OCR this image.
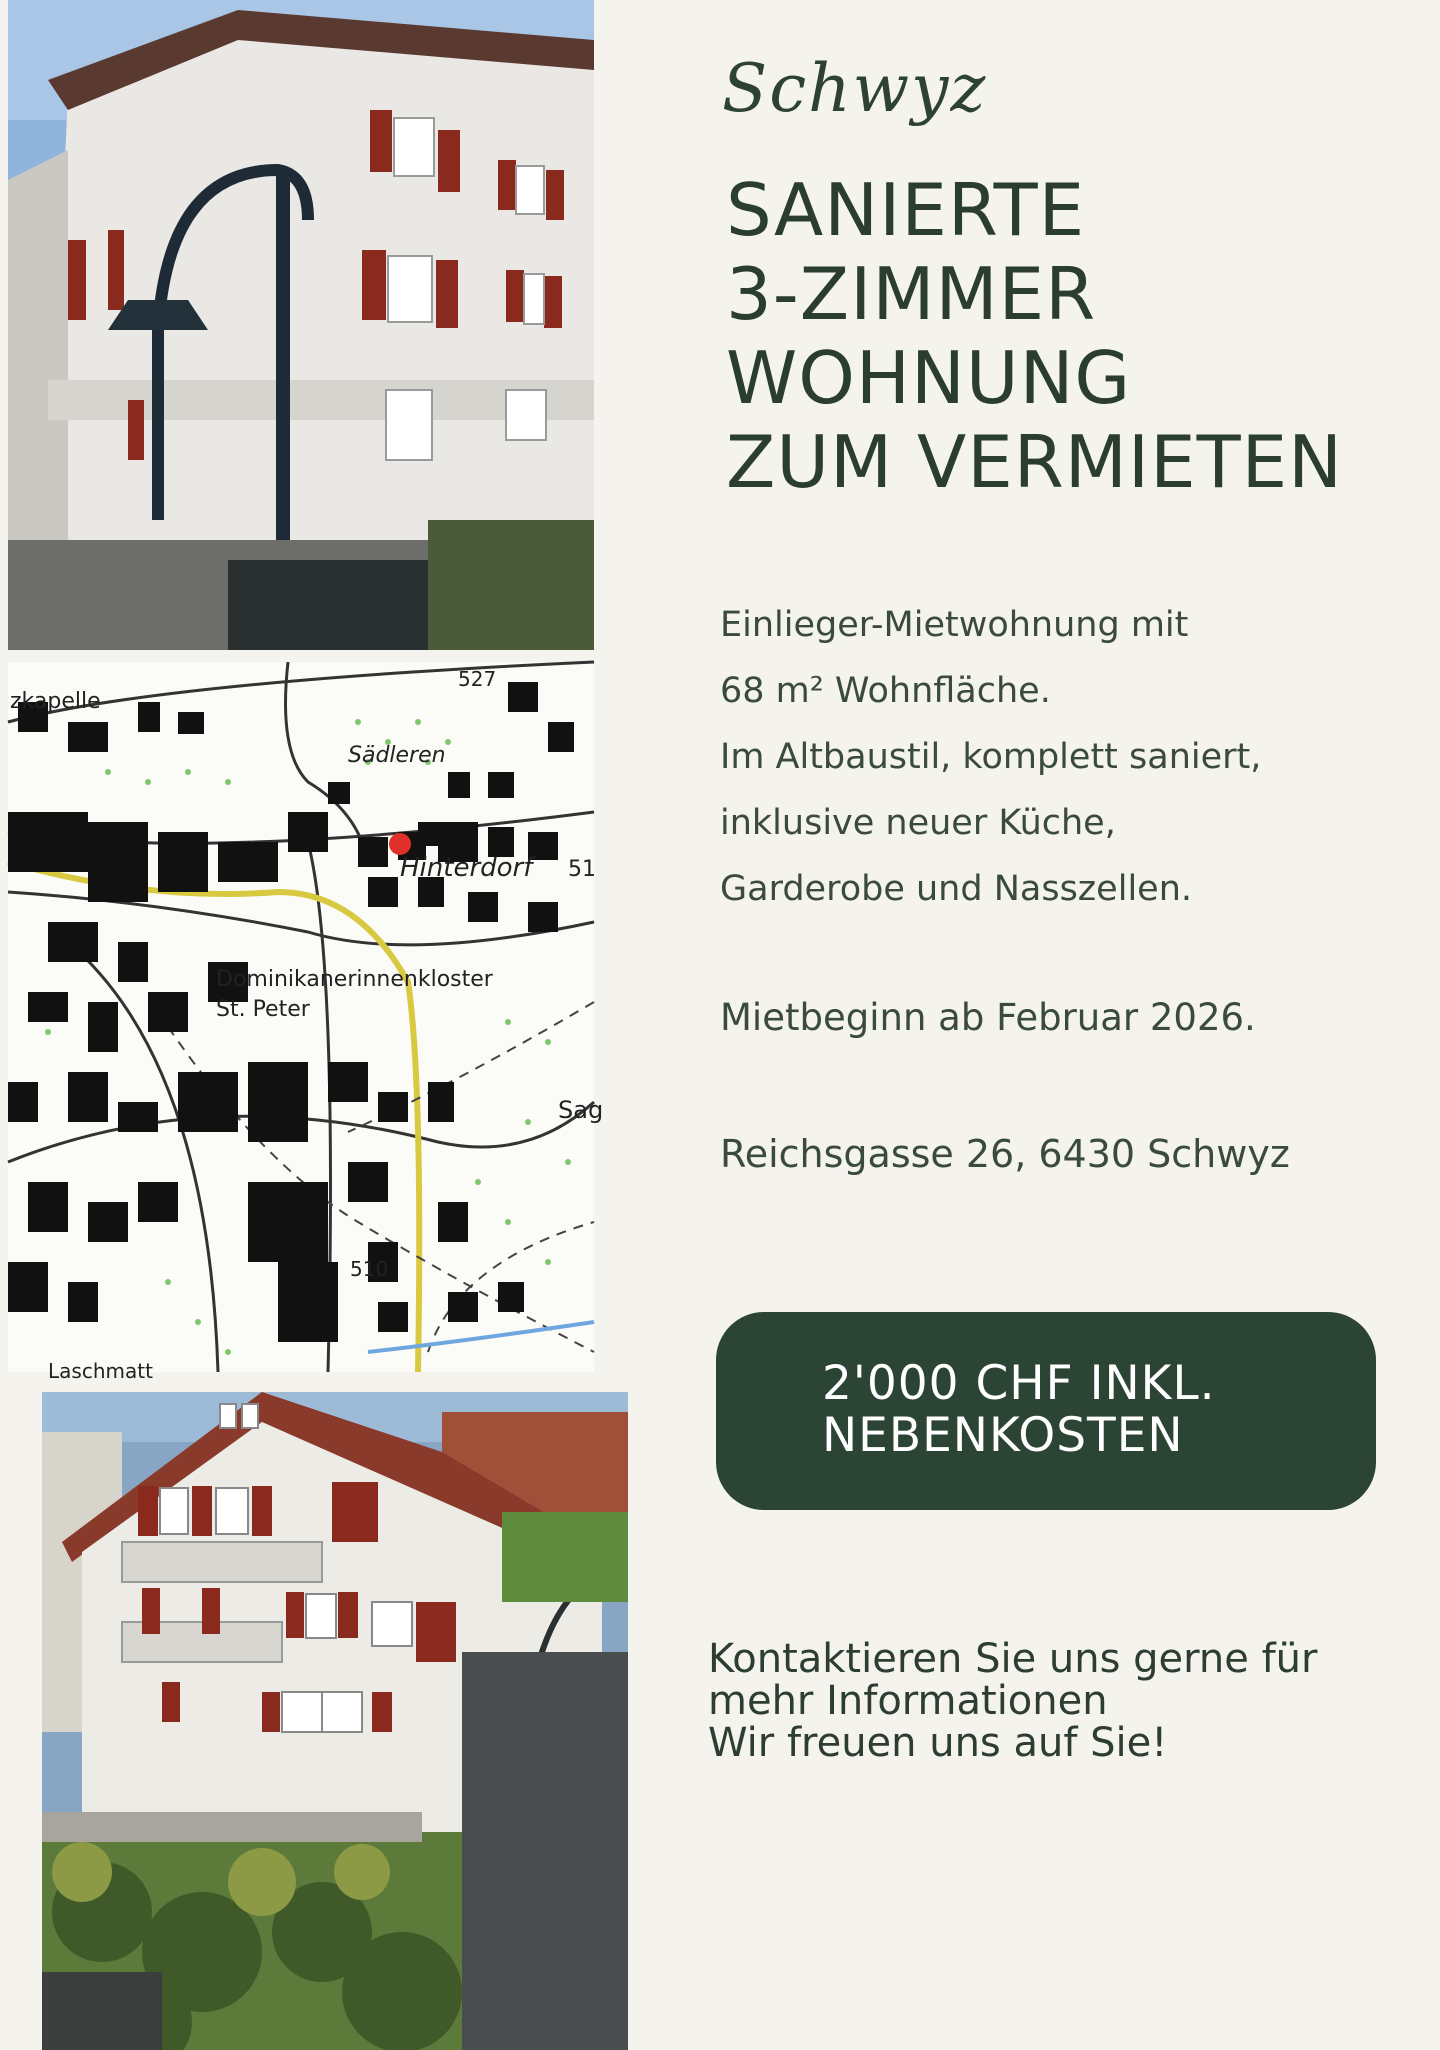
zkapelle
Sädleren
Hinterdorf 51
527
Dominikanerinnenkloster
St. Peter
Sag
510
Laschmatt
Schwyz
SANIERTE
3-ZIMMER
WOHNUNG
ZUM VERMIETEN
Einlieger-Mietwohnung mit
68 m² Wohnfläche.
Im Altbaustil, komplett saniert,
inklusive neuer Küche,
Garderobe und Nasszellen.
Mietbeginn ab Februar 2026.
Reichsgasse 26, 6430 Schwyz
2'000 CHF INKL.
NEBENKOSTEN
Kontaktieren Sie uns gerne für
mehr Informationen
Wir freuen uns auf Sie!
